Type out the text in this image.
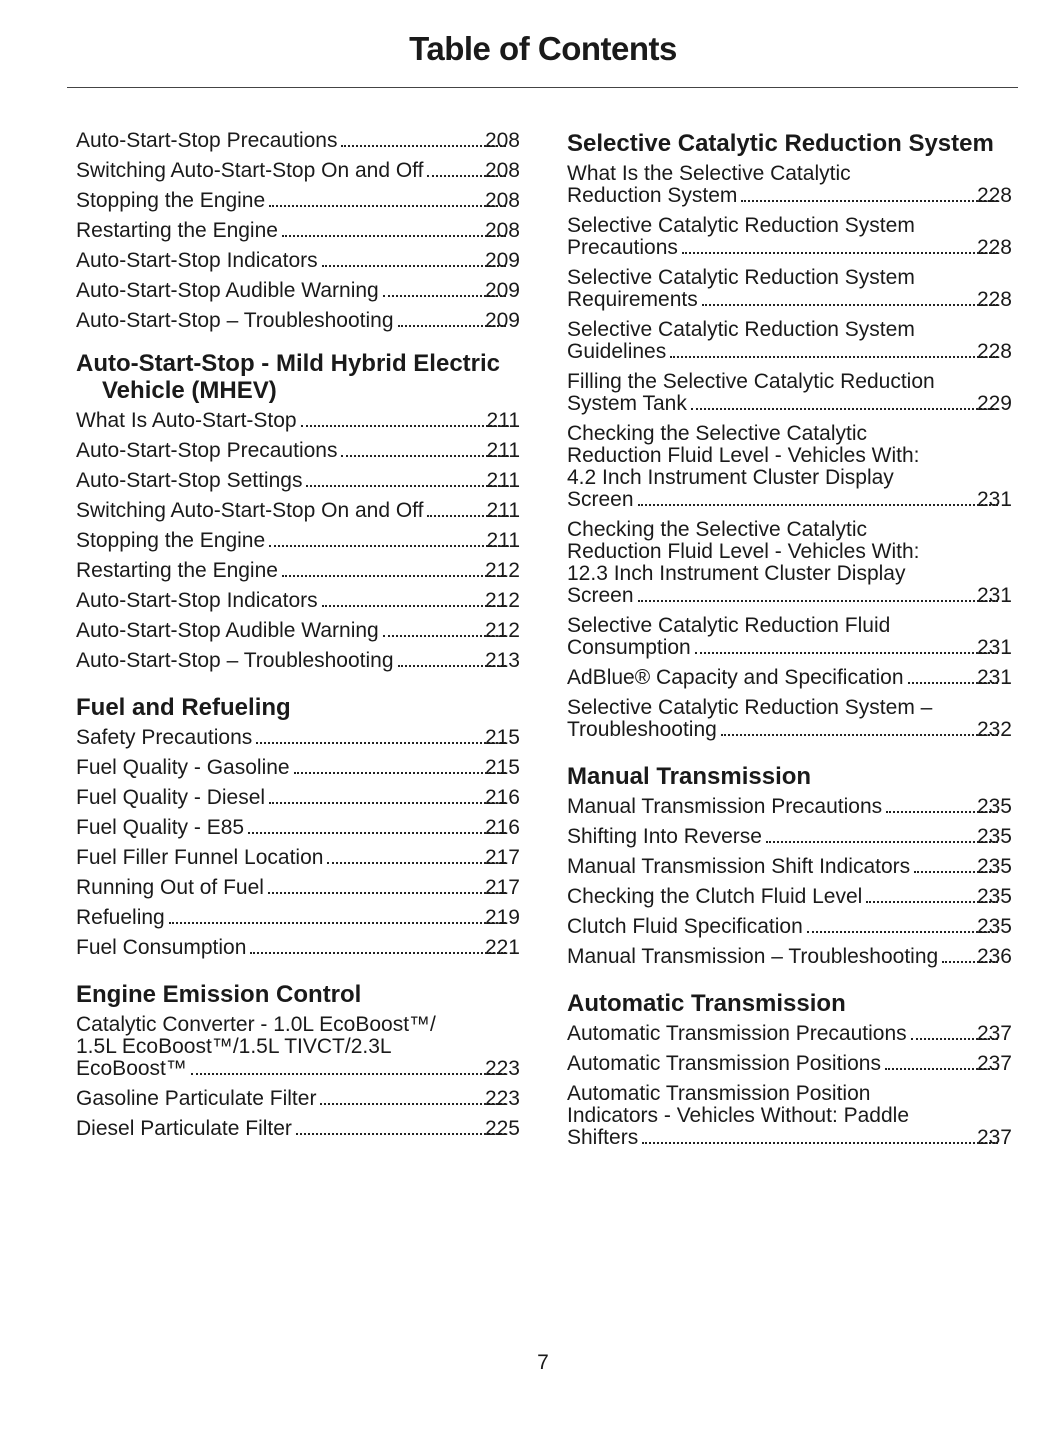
Table of Contents
Auto-Start-Stop Precautions	208
Switching Auto-Start-Stop On and Off	208
Stopping the Engine	208
Restarting the Engine	208
Auto-Start-Stop Indicators	209
Auto-Start-Stop Audible Warning	209
Auto-Start-Stop – Troubleshooting	209
Auto-Start-Stop - Mild Hybrid Electric Vehicle (MHEV)
What Is Auto-Start-Stop	211
Auto-Start-Stop Precautions	211
Auto-Start-Stop Settings	211
Switching Auto-Start-Stop On and Off	211
Stopping the Engine	211
Restarting the Engine	212
Auto-Start-Stop Indicators	212
Auto-Start-Stop Audible Warning	212
Auto-Start-Stop – Troubleshooting	213
Fuel and Refueling
Safety Precautions	215
Fuel Quality - Gasoline	215
Fuel Quality - Diesel	216
Fuel Quality - E85	216
Fuel Filler Funnel Location	217
Running Out of Fuel	217
Refueling	219
Fuel Consumption	221
Engine Emission Control
Catalytic Converter - 1.0L EcoBoost™/
1.5L EcoBoost™/1.5L TIVCT/2.3L
EcoBoost™	223
Gasoline Particulate Filter	223
Diesel Particulate Filter	225
Selective Catalytic Reduction System
What Is the Selective Catalytic
Reduction System	228
Selective Catalytic Reduction System
Precautions	228
Selective Catalytic Reduction System
Requirements	228
Selective Catalytic Reduction System
Guidelines	228
Filling the Selective Catalytic Reduction
System Tank	229
Checking the Selective Catalytic
Reduction Fluid Level - Vehicles With:
4.2 Inch Instrument Cluster Display
Screen	231
Checking the Selective Catalytic
Reduction Fluid Level - Vehicles With:
12.3 Inch Instrument Cluster Display
Screen	231
Selective Catalytic Reduction Fluid
Consumption	231
AdBlue® Capacity and Specification	231
Selective Catalytic Reduction System –
Troubleshooting	232
Manual Transmission
Manual Transmission Precautions	235
Shifting Into Reverse	235
Manual Transmission Shift Indicators	235
Checking the Clutch Fluid Level	235
Clutch Fluid Specification	235
Manual Transmission – Troubleshooting 236
Automatic Transmission
Automatic Transmission Precautions	237
Automatic Transmission Positions	237
Automatic Transmission Position
Indicators - Vehicles Without: Paddle
Shifters	237
7
